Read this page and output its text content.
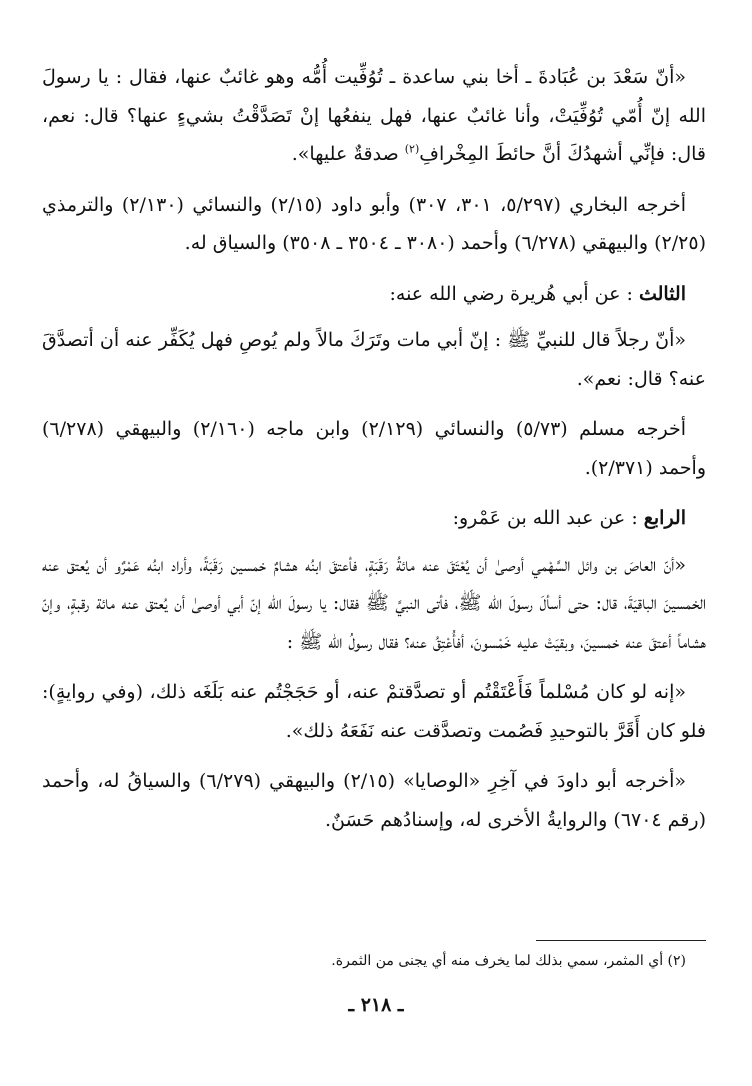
«أنّ سَعْدَ بن عُبَادةَ ـ أخا بني ساعدة ـ تُوُفِّيت أُمُّه وهو غائبٌ عنها، فقال : يا رسولَ الله إنّ أُمّي تُوُفِّيَتْ، وأنا غائبٌ عنها، فهل ينفعُها إنْ تَصَدَّقْتُ بشيءٍ عنها؟ قال: نعم، قال: فإنِّي أشهدُكَ أنَّ حائطَ المِخْرافِ$^{(٢)}$ صدقةٌ عليها».

أخرجه البخاري (٥/٢٩٧، ٣٠١، ٣٠٧) وأبو داود (٢/١٥) والنسائي (٢/١٣٠) والترمذي (٢/٢٥) والبيهقي (٦/٢٧٨) وأحمد (٣٠٨٠ ـ ٣٥٠٤ ـ ٣٥٠٨) والسياق له.

الثالث : عن أبي هُريرة رضي الله عنه:

«أنّ رجلاً قال للنبيِّ ﷺ : إنّ أبي مات وتَرَكَ مالاً ولم يُوصِ فهل يُكَفِّر عنه أن أتصدَّقَ عنه؟ قال: نعم».

أخرجه مسلم (٥/٧٣) والنسائي (٢/١٢٩) وابن ماجه (٢/١٦٠) والبيهقي (٦/٢٧٨) وأحمد (٢/٣٧١).

الرابع : عن عبد الله بن عَمْرو:

«أنّ العاصَ بن وائل السَّهْمي أوصىٰ أن يُعْتَقَ عنه مائةُ رَقَبَةٍ، فأعتقَ ابنُه هشامٌ خمسين رَقَبَةً، وأراد ابنُه عَمْرٌو أن يُعتق عنه الخمسينَ الباقيَةَ، قال: حتى أسألَ رسولَ الله ﷺ، فأتى النبيَّ ﷺ فقال: يا رسولَ الله إنّ أبي أوصىٰ أن يُعتق عنه مائة رقبةٍ، وإنّ هشاماً أعتقَ عنه خمسينَ، وبقيَتْ عليه خَمْسونَ، أفأُعْتِقُ عنه؟ فقال رسولُ الله ﷺ :

«إنه لو كان مُسْلماً فَأَعْتَقْتُم أو تصدَّقتمْ عنه، أو حَجَجْتُم عنه بَلَغَه ذلك، (وفي روايةٍ): فلو كان أَقَرَّ بالتوحيدِ فَصُمت وتصدَّقت عنه نَفَعَهُ ذلك».

«أخرجه أبو داودَ في آخِرِ «الوصايا» (٢/١٥) والبيهقي (٦/٢٧٩) والسياقُ له، وأحمد (رقم ٦٧٠٤) والروايةُ الأخرى له، وإسنادُهم حَسَنٌ.

(٢) أي المثمر، سمي بذلك لما يخرف منه أي يجنى من الثمرة.
ـ ٢١٨ ـ
